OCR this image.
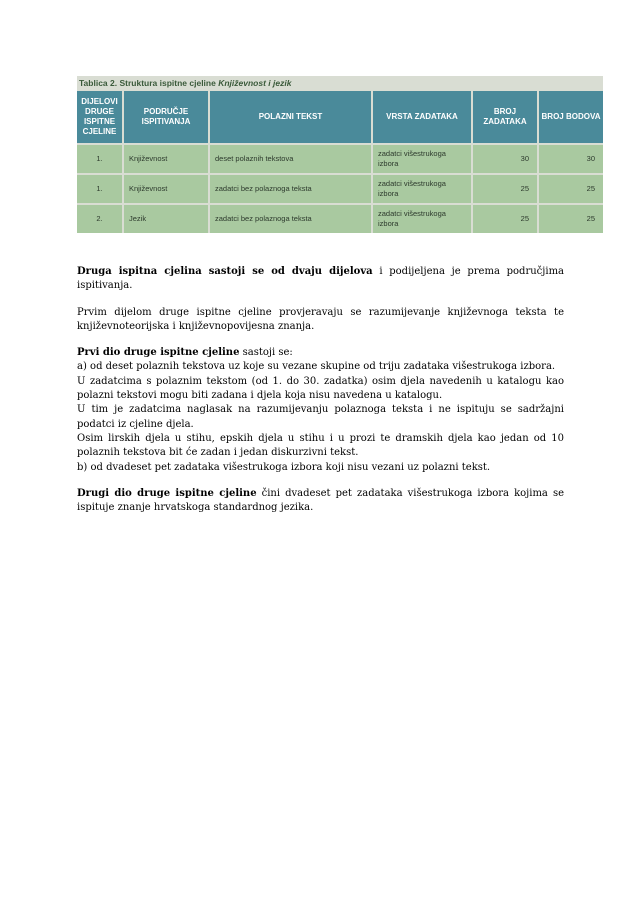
Tablica 2. Struktura ispitne cjeline Književnost i jezik
DIJELOVI DRUGE ISPITNE CJELINE	PODRUČJE ISPITIVANJA	POLAZNI TEKST	VRSTA ZADATAKA	BROJ ZADATAKA	BROJ BODOVA
1.	Književnost	deset polaznih tekstova	zadatci višestrukoga izbora	30	30
1.	Književnost	zadatci bez polaznoga teksta	zadatci višestrukoga izbora	25	25
2.	Jezik	zadatci bez polaznoga teksta	zadatci višestrukoga izbora	25	25

Druga ispitna cjelina sastoji se od dvaju dijelova i podijeljena je prema područjima ispitivanja.

Prvim dijelom druge ispitne cjeline provjeravaju se razumijevanje književnoga teksta te književnoteorijska i književnopovijesna znanja.

Prvi dio druge ispitne cjeline sastoji se:
a) od deset polaznih tekstova uz koje su vezane skupine od triju zadataka višestrukoga izbora.
U zadatcima s polaznim tekstom (od 1. do 30. zadatka) osim djela navedenih u katalogu kao polazni tekstovi mogu biti zadana i djela koja nisu navedena u katalogu.
U tim je zadatcima naglasak na razumijevanju polaznoga teksta i ne ispituju se sadržajni podatci iz cjeline djela.
Osim lirskih djela u stihu, epskih djela u stihu i u prozi te dramskih djela kao jedan od 10 polaznih tekstova bit će zadan i jedan diskurzivni tekst.
b) od dvadeset pet zadataka višestrukoga izbora koji nisu vezani uz polazni tekst.

Drugi dio druge ispitne cjeline čini dvadeset pet zadataka višestrukoga izbora kojima se ispituje znanje hrvatskoga standardnog jezika.
